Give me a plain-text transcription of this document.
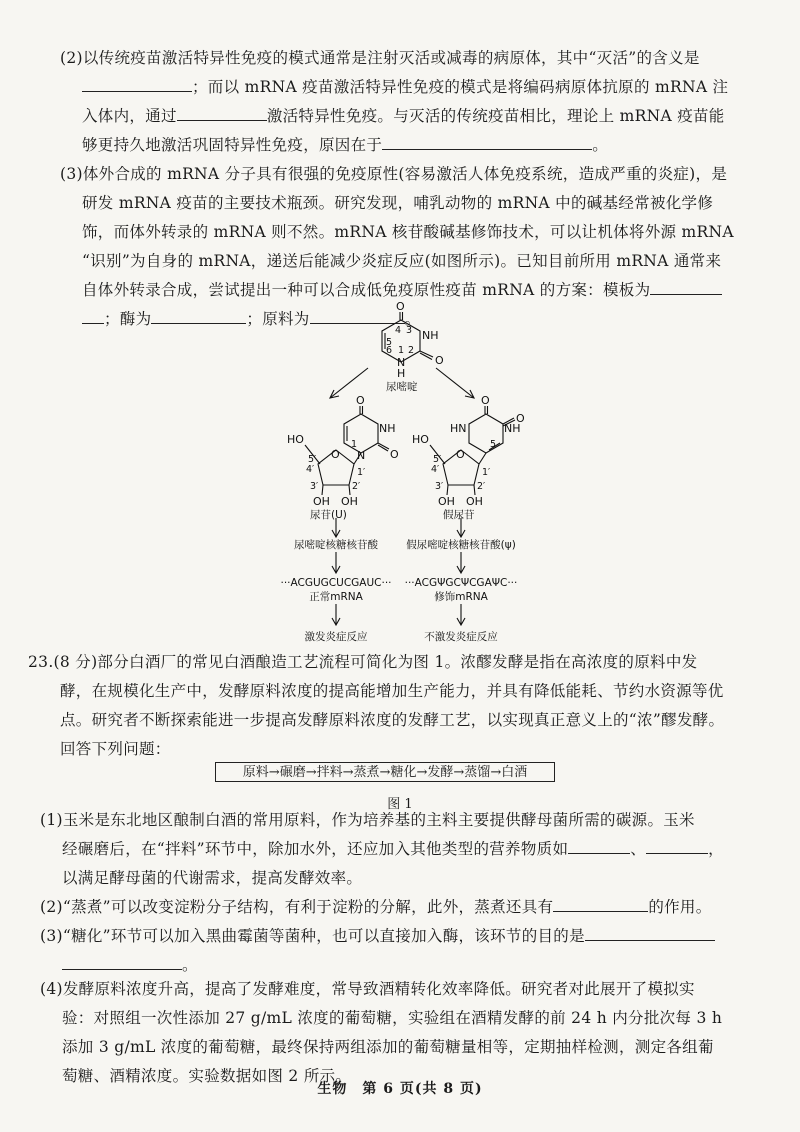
(2)以传统疫苗激活特异性免疫的模式通常是注射灭活或减毒的病原体，其中“灭活”的含义是
；而以 mRNA 疫苗激活特异性免疫的模式是将编码病原体抗原的 mRNA 注
入体内，通过	激活特异性免疫。与灭活的传统疫苗相比，理论上 mRNA 疫苗能
够更持久地激活巩固特异性免疫，原因在于	。
(3)体外合成的 mRNA 分子具有很强的免疫原性(容易激活人体免疫系统，造成严重的炎症)，是
研发 mRNA 疫苗的主要技术瓶颈。研究发现，哺乳动物的 mRNA 中的碱基经常被化学修
饰，而体外转录的 mRNA 则不然。mRNA 核苷酸碱基修饰技术，可以让机体将外源 mRNA
“识别”为自身的 mRNA，递送后能减少炎症反应(如图所示)。已知目前所用 mRNA 通常来
自体外转录合成，尝试提出一种可以合成低免疫原性疫苗 mRNA 的方案：模板为
；酶为	；原料为	。
O
NH
O
N
H
4 3
5
6 1 2
尿嘧啶
O
NH
O
N
1
O
HO
5′
4′	1′
3′	2′
OH OH
尿苷(U)
O
HN	NH
O
5
O
HO
5′
4′	1′
3′	2′
OH OH
假尿苷
尿嘧啶核糖核苷酸	假尿嘧啶核糖核苷酸(ψ)
···ACGUGCUCGAUC···
正常mRNA
···ACGΨGCΨCGAΨC···
修饰mRNA
激发炎症反应	不激发炎症反应
23.(8 分)部分白酒厂的常见白酒酿造工艺流程可简化为图 1。浓醪发酵是指在高浓度的原料中发
酵，在规模化生产中，发酵原料浓度的提高能增加生产能力，并具有降低能耗、节约水资源等优
点。研究者不断探索能进一步提高发酵原料浓度的发酵工艺，以实现真正意义上的“浓”醪发酵。
回答下列问题：
原料→碾磨→拌料→蒸煮→糖化→发酵→蒸馏→白酒
图 1
(1)玉米是东北地区酿制白酒的常用原料，作为培养基的主料主要提供酵母菌所需的碳源。玉米
经碾磨后，在“拌料”环节中，除加水外，还应加入其他类型的营养物质如	、	，
以满足酵母菌的代谢需求，提高发酵效率。
(2)“蒸煮”可以改变淀粉分子结构，有利于淀粉的分解，此外，蒸煮还具有	的作用。
(3)“糖化”环节可以加入黑曲霉菌等菌种，也可以直接加入酶，该环节的目的是
。
(4)发酵原料浓度升高，提高了发酵难度，常导致酒精转化效率降低。研究者对此展开了模拟实
验：对照组一次性添加 27 g/mL 浓度的葡萄糖，实验组在酒精发酵的前 24 h 内分批次每 3 h
添加 3 g/mL 浓度的葡萄糖，最终保持两组添加的葡萄糖量相等，定期抽样检测，测定各组葡
萄糖、酒精浓度。实验数据如图 2 所示。
生物　第 6 页(共 8 页)
